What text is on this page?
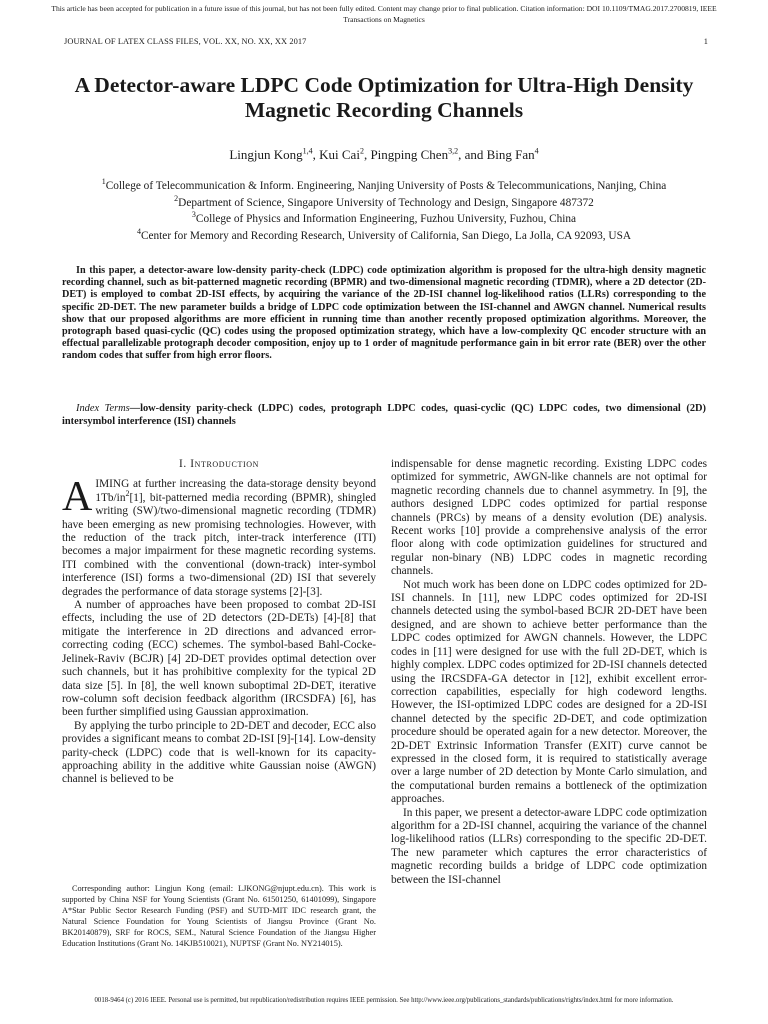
This article has been accepted for publication in a future issue of this journal, but has not been fully edited. Content may change prior to final publication. Citation information: DOI 10.1109/TMAG.2017.2700819, IEEE
Transactions on Magnetics
JOURNAL OF LATEX CLASS FILES, VOL. XX, NO. XX, XX 2017	1
A Detector-aware LDPC Code Optimization for Ultra-High Density Magnetic Recording Channels
Lingjun Kong$^{1,4}$, Kui Cai$^2$, Pingping Chen$^{3,2}$, and Bing Fan$^4$
$^1$College of Telecommunication & Inform. Engineering, Nanjing University of Posts & Telecommunications, Nanjing, China
$^2$Department of Science, Singapore University of Technology and Design, Singapore 487372
$^3$College of Physics and Information Engineering, Fuzhou University, Fuzhou, China
$^4$Center for Memory and Recording Research, University of California, San Diego, La Jolla, CA 92093, USA
In this paper, a detector-aware low-density parity-check (LDPC) code optimization algorithm is proposed for the ultra-high density magnetic recording channel, such as bit-patterned magnetic recording (BPMR) and two-dimensional magnetic recording (TDMR), where a 2D detector (2D-DET) is employed to combat 2D-ISI effects, by acquiring the variance of the 2D-ISI channel log-likelihood ratios (LLRs) corresponding to the specific 2D-DET. The new parameter builds a bridge of LDPC code optimization between the ISI-channel and AWGN channel. Numerical results show that our proposed algorithms are more efficient in running time than another recently proposed optimization algorithms. Moreover, the protograph based quasi-cyclic (QC) codes using the proposed optimization strategy, which have a low-complexity QC encoder structure with an effectual parallelizable protograph decoder composition, enjoy up to 1 order of magnitude performance gain in bit error rate (BER) over the other random codes that suffer from high error floors.
Index Terms—low-density parity-check (LDPC) codes, protograph LDPC codes, quasi-cyclic (QC) LDPC codes, two dimensional (2D) intersymbol interference (ISI) channels
I. Introduction

AIMING at further increasing the data-storage density beyond $1Tb/in^2[1]$, bit-patterned media recording (BPMR), shingled writing (SW)/two-dimensional magnetic recording (TDMR) have been emerging as new promising technologies. However, with the reduction of the track pitch, inter-track interference (ITI) becomes a major impairment for these magnetic recording systems. ITI combined with the conventional (down-track) inter-symbol interference (ISI) forms a two-dimensional (2D) ISI that severely degrades the performance of data storage systems [2]-[3].

A number of approaches have been proposed to combat 2D-ISI effects, including the use of 2D detectors (2D-DETs) [4]-[8] that mitigate the interference in 2D directions and advanced error-correcting coding (ECC) schemes. The symbol-based Bahl-Cocke-Jelinek-Raviv (BCJR) [4] 2D-DET provides optimal detection over such channels, but it has prohibitive complexity for the typical 2D data size [5]. In [8], the well known suboptimal 2D-DET, iterative row-column soft decision feedback algorithm (IRCSDFA) [6], has been further simplified using Gaussian approximation.

By applying the turbo principle to 2D-DET and decoder, ECC also provides a significant means to combat 2D-ISI [9]-[14]. Low-density parity-check (LDPC) code that is well-known for its capacity-approaching ability in the additive white Gaussian noise (AWGN) channel is believed to be

Corresponding author: Lingjun Kong (email: LJKONG@njupt.edu.cn). This work is supported by China NSF for Young Scientists (Grant No. 61501250, 61401099), Singapore A*Star Public Sector Research Funding (PSF) and SUTD-MIT IDC research grant, the Natural Science Foundation for Young Scientists of Jiangsu Province (Grant No. BK20140879), SRF for ROCS, SEM., Natural Science Foundation of the Jiangsu Higher Education Institutions (Grant No. 14KJB510021), NUPTSF (Grant No. NY214015).

indispensable for dense magnetic recording. Existing LDPC codes optimized for symmetric, AWGN-like channels are not optimal for magnetic recording channels due to channel asymmetry. In [9], the authors designed LDPC codes optimized for partial response channels (PRCs) by means of a density evolution (DE) analysis. Recent works [10] provide a comprehensive analysis of the error floor along with code optimization guidelines for structured and regular non-binary (NB) LDPC codes in magnetic recording channels.

Not much work has been done on LDPC codes optimized for 2D-ISI channels. In [11], new LDPC codes optimized for 2D-ISI channels detected using the symbol-based BCJR 2D-DET have been designed, and are shown to achieve better performance than the LDPC codes optimized for AWGN channels. However, the LDPC codes in [11] were designed for use with the full 2D-DET, which is highly complex. LDPC codes optimized for 2D-ISI channels detected using the IRCSDFA-GA detector in [12], exhibit excellent error-correction capabilities, especially for high codeword lengths. However, the ISI-optimized LDPC codes are designed for a 2D-ISI channel detected by the specific 2D-DET, and code optimization procedure should be operated again for a new detector. Moreover, the 2D-DET Extrinsic Information Transfer (EXIT) curve cannot be expressed in the closed form, it is required to statistically average over a large number of 2D detection by Monte Carlo simulation, and the computational burden remains a bottleneck of the optimization approaches.

In this paper, we present a detector-aware LDPC code optimization algorithm for a 2D-ISI channel, acquiring the variance of the channel log-likelihood ratios (LLRs) corresponding to the specific 2D-DET. The new parameter which captures the error characteristics of magnetic recording builds a bridge of LDPC code optimization between the ISI-channel

0018-9464 (c) 2016 IEEE. Personal use is permitted, but republication/redistribution requires IEEE permission. See http://www.ieee.org/publications_standards/publications/rights/index.html for more information.
